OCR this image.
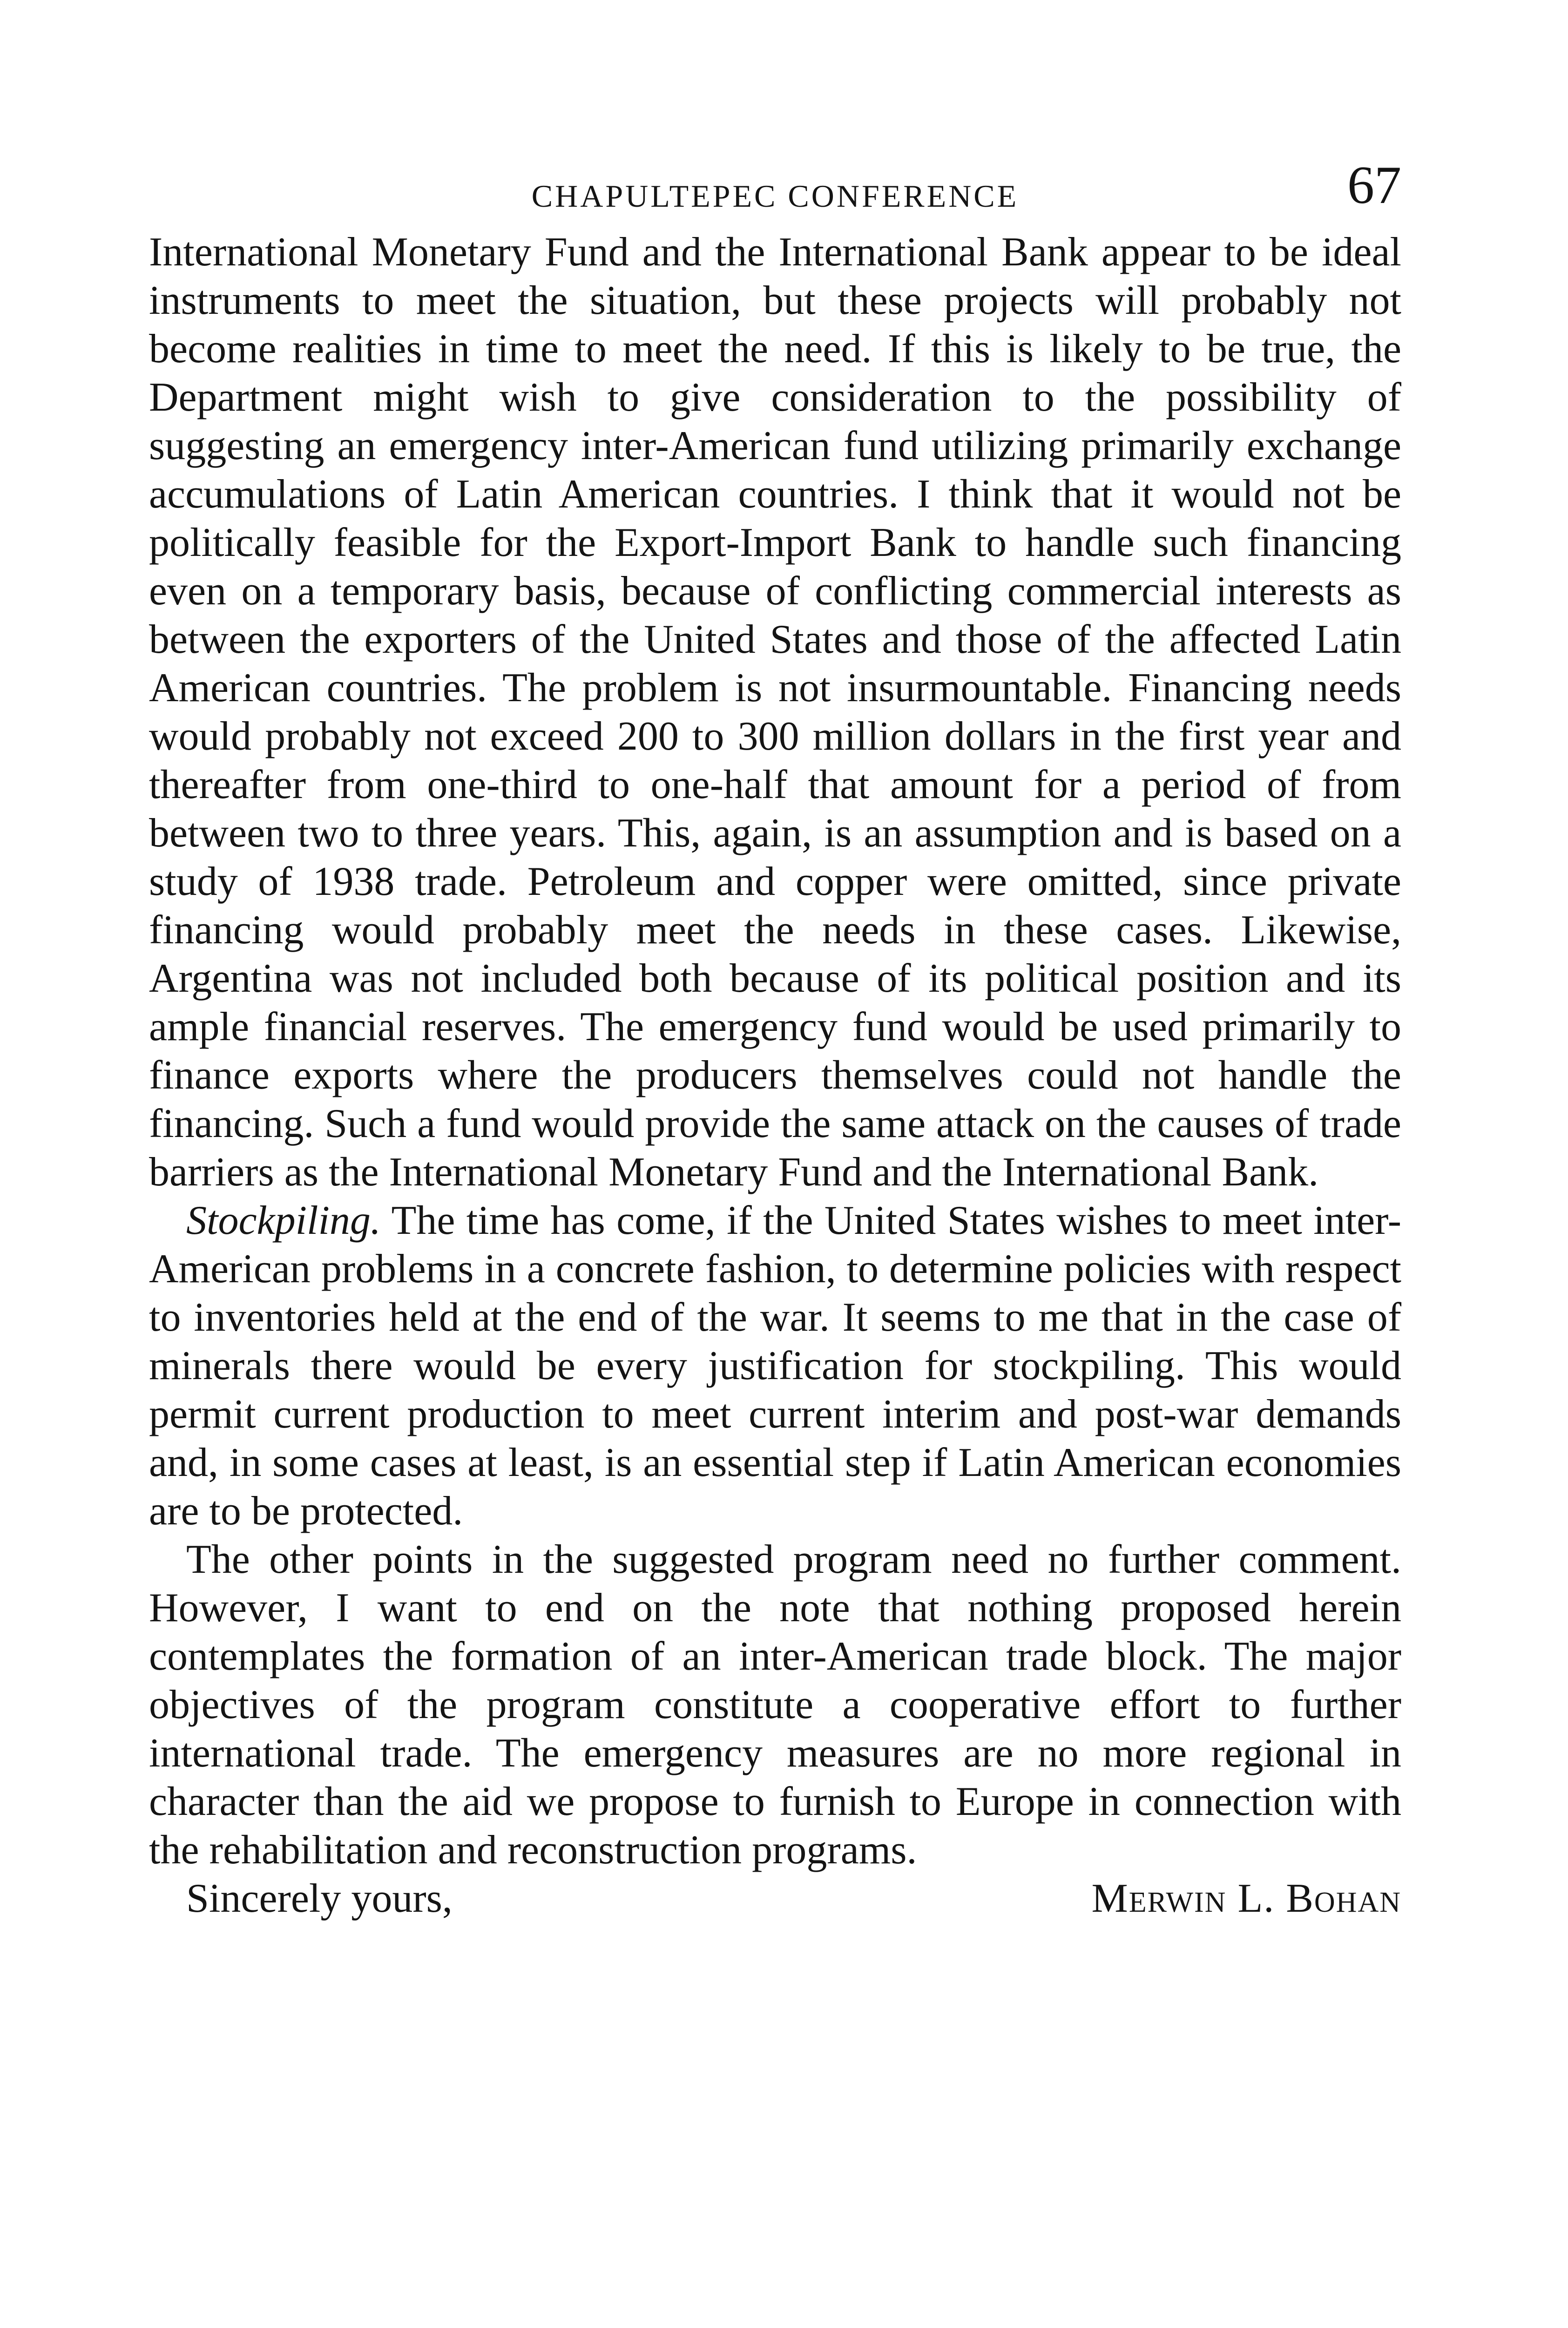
CHAPULTEPEC CONFERENCE	67

International Monetary Fund and the International Bank appear to be ideal instruments to meet the situation, but these projects will probably not become realities in time to meet the need. If this is likely to be true, the Department might wish to give consideration to the possibility of suggesting an emergency inter-American fund utilizing primarily exchange accumulations of Latin American countries. I think that it would not be politically feasible for the Export-Import Bank to handle such financing even on a temporary basis, because of conflicting commercial interests as between the exporters of the United States and those of the affected Latin American countries. The problem is not insurmountable. Financing needs would probably not exceed 200 to 300 million dollars in the first year and thereafter from one-third to one-half that amount for a period of from between two to three years. This, again, is an assumption and is based on a study of 1938 trade. Petroleum and copper were omitted, since private financing would probably meet the needs in these cases. Likewise, Argentina was not included both because of its political position and its ample financial reserves. The emergency fund would be used primarily to finance exports where the producers themselves could not handle the financing. Such a fund would provide the same attack on the causes of trade barriers as the International Monetary Fund and the International Bank.

Stockpiling. The time has come, if the United States wishes to meet inter-American problems in a concrete fashion, to determine policies with respect to inventories held at the end of the war. It seems to me that in the case of minerals there would be every justification for stockpiling. This would permit current production to meet current interim and post-war demands and, in some cases at least, is an essential step if Latin American economies are to be protected.

The other points in the suggested program need no further comment. However, I want to end on the note that nothing proposed herein contemplates the formation of an inter-American trade block. The major objectives of the program constitute a cooperative effort to further international trade. The emergency measures are no more regional in character than the aid we propose to furnish to Europe in connection with the rehabilitation and reconstruction programs.

Sincerely yours,	Merwin L. Bohan
